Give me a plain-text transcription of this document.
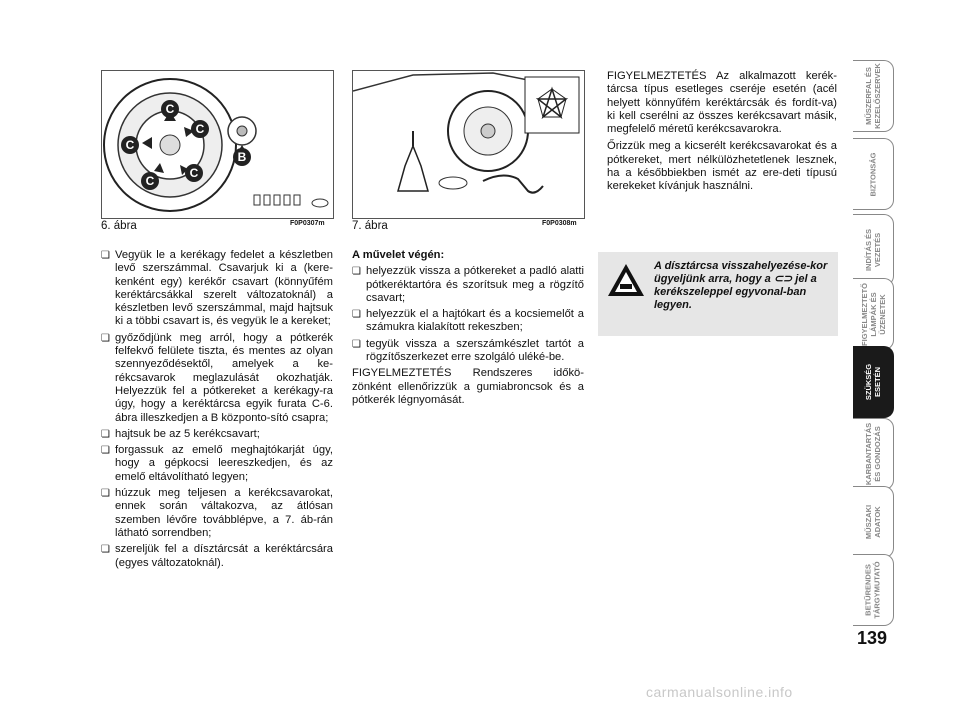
C
C
C
C
C
B
6. ábra	F0P0307m 7. ábra	F0P0308m
❏ Vegyük le a kerékagy fedelet a készletben levő szerszámmal. Csavarjuk ki a (kere-kenként egy) kerékőr csavart (könnyűfém keréktárcsákkal szerelt változatoknál) a készletben levő szerszámmal, majd hajtsuk ki a többi csavart is, és vegyük le a kereket;
❏ győződjünk meg arról, hogy a pótkerék felfekvő felülete tiszta, és mentes az olyan szennyeződésektől, amelyek a ke-rékcsavarok meglazulását okozhatják. Helyezzük fel a pótkereket a kerékagy-ra úgy, hogy a keréktárcsa egyik furata C-6. ábra illeszkedjen a B központo-sító csapra;
❏ hajtsuk be az 5 kerékcsavart;
❏ forgassuk az emelő meghajtókarját úgy, hogy a gépkocsi leereszkedjen, és az emelő eltávolítható legyen;
❏ húzzuk meg teljesen a kerékcsavarokat, ennek során váltakozva, az átlósan szemben lévőre továbblépve, a 7. áb-rán látható sorrendben;
❏ szereljük fel a dísztárcsát a keréktárcsára (egyes változatoknál).
A művelet végén:
❏ helyezzük vissza a pótkereket a padló alatti pótkeréktartóra és szorítsuk meg a rögzítő csavart;
❏ helyezzük el a hajtókart és a kocsiemelőt a számukra kialakított rekeszben;
❏ tegyük vissza a szerszámkészlet tartót a rögzítőszerkezet erre szolgáló uléké-be.
FIGYELMEZTETÉS Rendszeres időkö-zönként ellenőrizzük a gumiabroncsok és a pótkerék légnyomását.
FIGYELMEZTETÉS Az alkalmazott kerék-tárcsa típus esetleges cseréje esetén (acél helyett könnyűfém keréktárcsák és fordít-va) ki kell cserélni az összes kerékcsavart másik, megfelelő méretű kerékcsavarokra.
Őrizzük meg a kicserélt kerékcsavarokat és a pótkereket, mert nélkülözhetetlenek lesznek, ha a későbbiekben ismét az ere-deti típusú kerekeket kívánjuk használni.
A dísztárcsa visszahelyezése-kor ügyeljünk arra, hogy a ⊂⊃ jel a kerékszeleppel egyvonal-ban legyen.
MŰSZERFAL ÉS
KEZELŐSZERVEK
BIZTONSÁG
INDÍTÁS ÉS
VEZETÉS
FIGYELMEZTETŐ
LÁMPÁK ÉS
ÜZENETEK
SZÜKSÉG
ESETÉN
KARBANTARTÁS
ÉS GONDOZÁS
MŰSZAKI
ADATOK
BETŰRENDES
TÁRGYMUTATÓ
139
carmanualsonline.info
